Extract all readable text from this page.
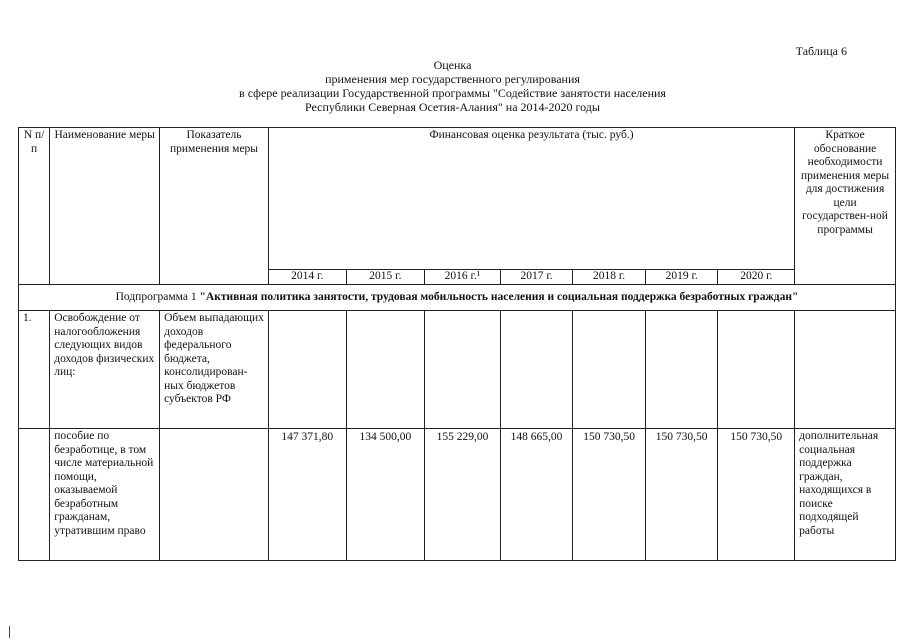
Таблица 6
Оценка
применения мер государственного регулирования
в сфере реализации Государственной программы "Содействие занятости населения
Республики Северная Осетия-Алания" на 2014-2020 годы
N п/п	Наименование меры	Показатель применения меры	Финансовая оценка результата (тыс. руб.)							Краткое обоснование необходимости применения меры для достижения цели государствен-ной программы
			2014 г.	2015 г.	2016 г.¹	2017 г.	2018 г.	2019 г.	2020 г.	
Подпрограмма 1 "Активная политика занятости, трудовая мобильность населения и социальная поддержка безработных граждан"										
1.	Освобождение от налогообложения следующих видов доходов физических лиц:	Объем выпадающих доходов федерального бюджета, консолидирован-ных бюджетов субъектов РФ								
	пособие по безработице, в том числе материальной помощи, оказываемой безработным гражданам, утратившим право		147 371,80	134 500,00	155 229,00	148 665,00	150 730,50	150 730,50	150 730,50	дополнительная социальная поддержка граждан, находящихся в поиске подходящей работы
